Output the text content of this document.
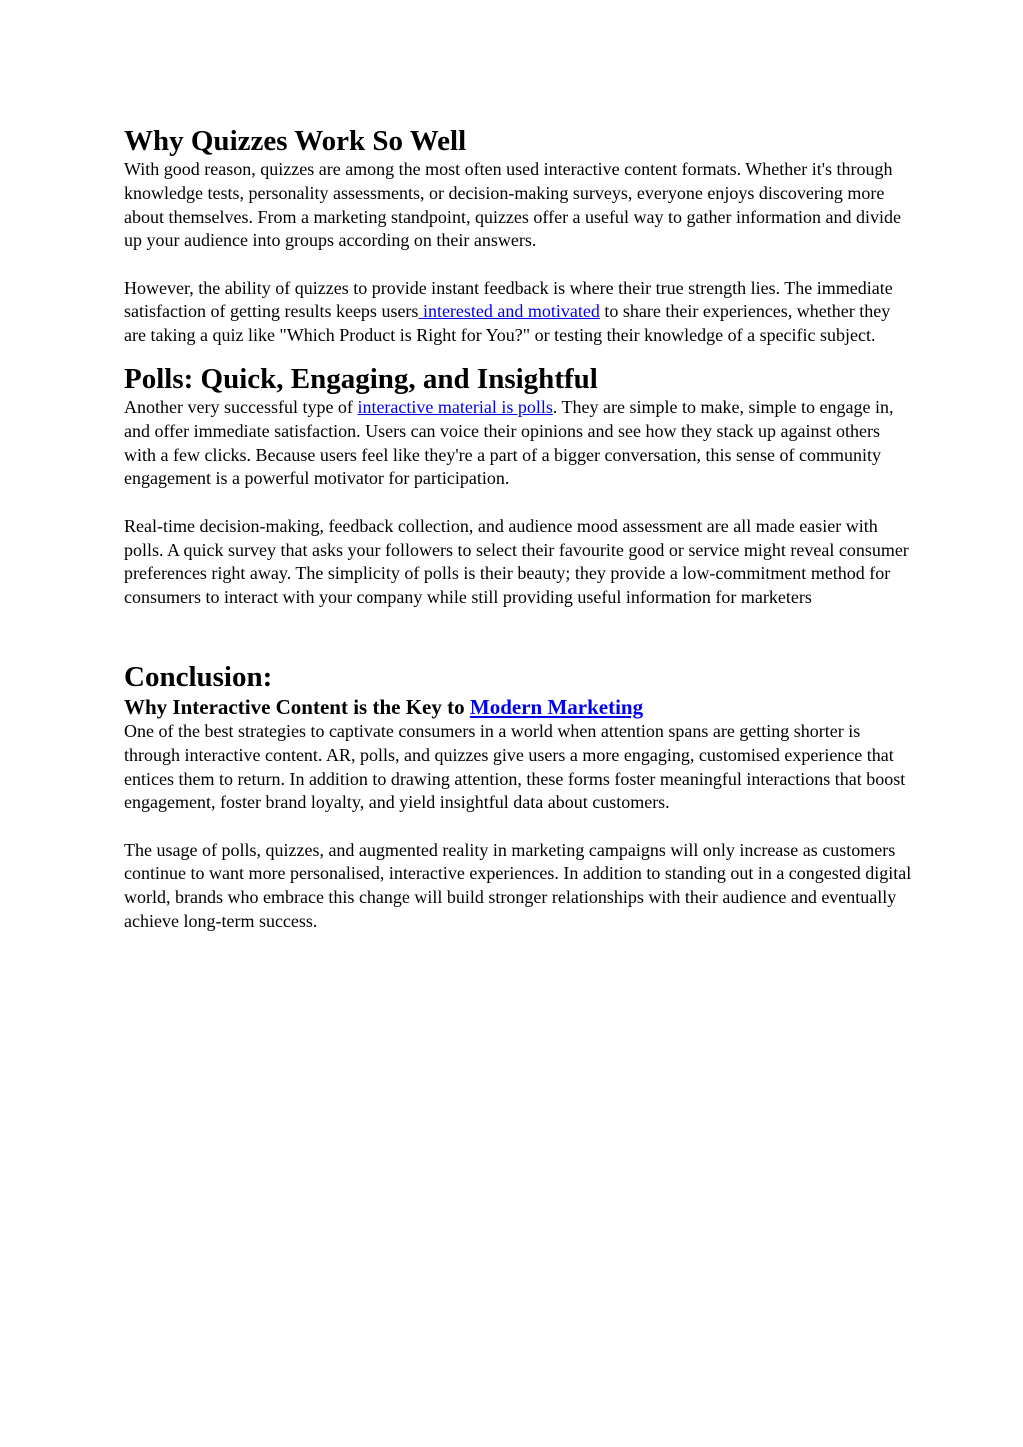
Why Quizzes Work So Well

With good reason, quizzes are among the most often used interactive content formats. Whether it's through knowledge tests, personality assessments, or decision-making surveys, everyone enjoys discovering more about themselves. From a marketing standpoint, quizzes offer a useful way to gather information and divide up your audience into groups according on their answers.

However, the ability of quizzes to provide instant feedback is where their true strength lies. The immediate satisfaction of getting results keeps users interested and motivated to share their experiences, whether they are taking a quiz like "Which Product is Right for You?" or testing their knowledge of a specific subject.

Polls: Quick, Engaging, and Insightful

Another very successful type of interactive material is polls. They are simple to make, simple to engage in, and offer immediate satisfaction. Users can voice their opinions and see how they stack up against others with a few clicks. Because users feel like they're a part of a bigger conversation, this sense of community engagement is a powerful motivator for participation.

Real-time decision-making, feedback collection, and audience mood assessment are all made easier with polls. A quick survey that asks your followers to select their favourite good or service might reveal consumer preferences right away. The simplicity of polls is their beauty; they provide a low-commitment method for consumers to interact with your company while still providing useful information for marketers

Conclusion:
Why Interactive Content is the Key to Modern Marketing

One of the best strategies to captivate consumers in a world when attention spans are getting shorter is through interactive content. AR, polls, and quizzes give users a more engaging, customised experience that entices them to return. In addition to drawing attention, these forms foster meaningful interactions that boost engagement, foster brand loyalty, and yield insightful data about customers.

The usage of polls, quizzes, and augmented reality in marketing campaigns will only increase as customers continue to want more personalised, interactive experiences. In addition to standing out in a congested digital world, brands who embrace this change will build stronger relationships with their audience and eventually achieve long-term success.
